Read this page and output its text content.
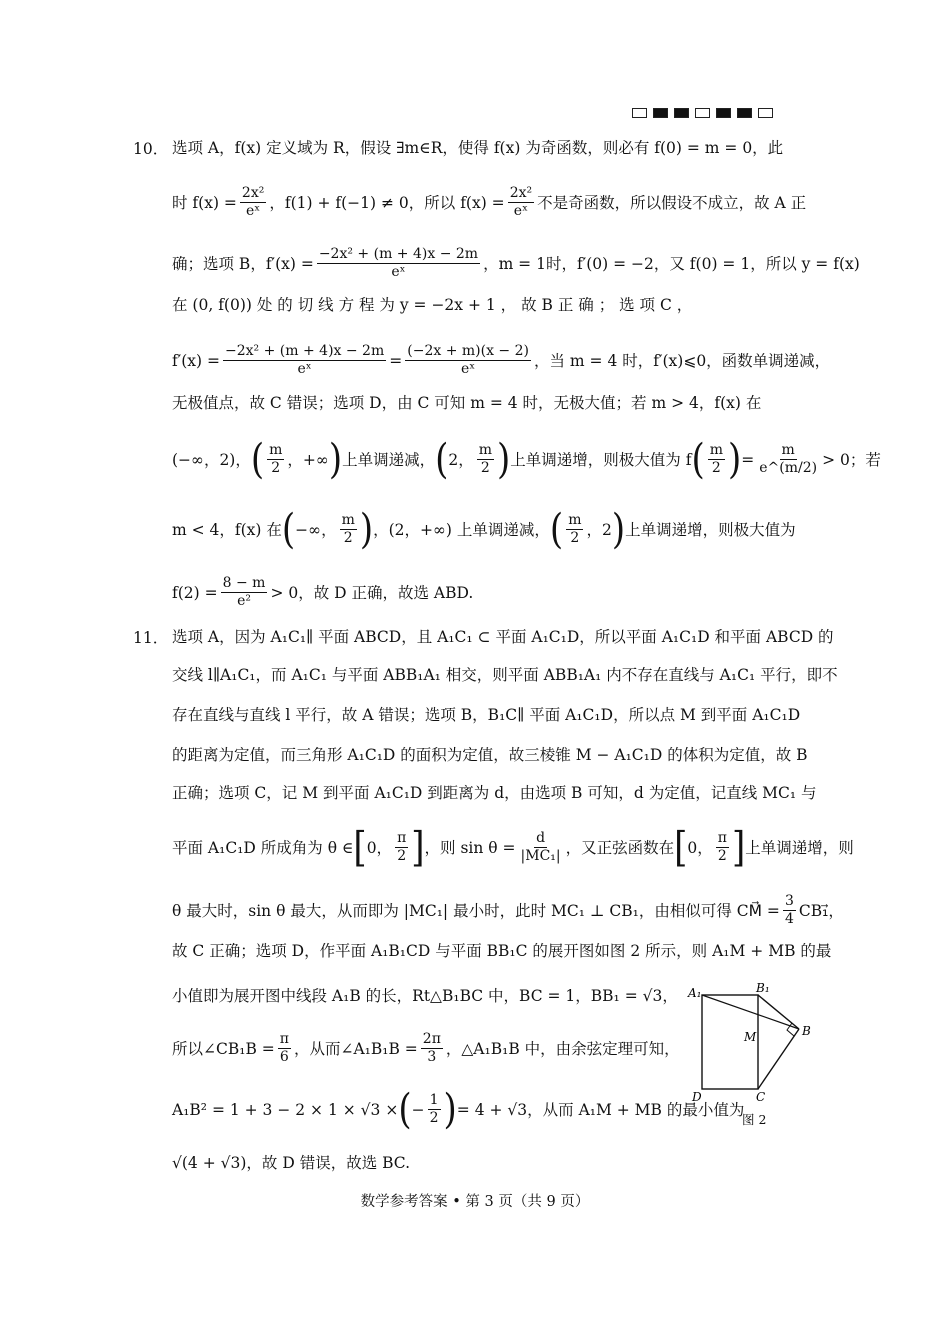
10． 选项 A，f(x) 定义域为 R，假设 ∃m∈R，使得 f(x) 为奇函数，则必有 f(0) = m = 0，此
时 $f(x) = \frac{\text{2x²}}{\text{eˣ}}$ ，f(1) + f(−1) ≠ 0，所以 $f(x) = \frac{\text{2x²}}{\text{eˣ}}$ 不是奇函数，所以假设不成立，故 A 正
确；选项 B，$f'(x) = \frac{\text{−2x² + (m + 4)x − 2m}}{\text{eˣ}}$ ，m = 1时，f′(0) = −2，又 f(0) = 1，所以 y = f(x)
在 (0, f(0)) 处 的 切 线 方 程 为 y = −2x + 1 ， 故 B 正 确 ； 选 项 C ，
$f'(x) = \frac{\text{−2x² + (m + 4)x − 2m}}{\text{eˣ}} = \frac{(-2x + m)(x - 2)}{\text{eˣ}}$ ，当 m = 4 时，f′(x)⩽0，函数单调递减，
无极值点，故 C 错误；选项 D，由 C 可知 m = 4 时，无极大值；若 m > 4，f(x) 在
(−∞，2)， ( $\frac{m}{2}$ ，+∞ ) 上单调递减， ( 2， $\frac{m}{2}$ ) 上单调递增，则极大值为 f ( $\frac{m}{2}$ ) = $\frac{m}{e\^{}(m/2)} > 0$；若
m < 4，f(x) 在 ( −∞， $\frac{m}{2}$ ) ，(2，+∞) 上单调递减， ( $\frac{m}{2}$ ，2 ) 上单调递增，则极大值为
$f(2) = \frac{8 - m}{\text{e²}} > 0$，故 D 正确，故选 ABD.
11． 选项 A，因为 A₁C₁∥ 平面 ABCD，且 A₁C₁ ⊂ 平面 A₁C₁D，所以平面 A₁C₁D 和平面 ABCD 的
交线 l∥A₁C₁，而 A₁C₁ 与平面 ABB₁A₁ 相交，则平面 ABB₁A₁ 内不存在直线与 A₁C₁ 平行，即不
存在直线与直线 l 平行，故 A 错误；选项 B，B₁C∥ 平面 A₁C₁D，所以点 M 到平面 A₁C₁D
的距离为定值，而三角形 A₁C₁D 的面积为定值，故三棱锥 M − A₁C₁D 的体积为定值，故 B
正确；选项 C，记 M 到平面 A₁C₁D 到距离为 d，由选项 B 可知，d 为定值，记直线 MC₁ 与
平面 A₁C₁D 所成角为 θ ∈ [ 0， $\frac{\pi}{2}$ ] ，则 $\sin \theta = \frac{d}{\text{|MC₁|}}$ ，又正弦函数在 [ 0， $\frac{\pi}{2}$ ] 上单调递增，则
θ 最大时，sin θ 最大，从而即为 |MC₁| 最小时，此时 MC₁ ⊥ CB₁，由相似可得 CM⃗ = $\frac{3}{4}$ CB₁⃗，
故 C 正确；选项 D，作平面 A₁B₁CD 与平面 BB₁C 的展开图如图 2 所示，则 A₁M + MB 的最
小值即为展开图中线段 A₁B 的长，Rt△B₁BC 中，BC = 1，BB₁ = √3，
所以∠CB₁B = $\frac{\pi}{6}$ ，从而∠A₁B₁B = $\frac{2\pi}{3}$ ，△A₁B₁B 中，由余弦定理可知，
A₁B² = 1 + 3 − 2 × 1 × √3 × ( − $\frac{1}{2}$ ) = 4 + √3，从而 A₁M + MB 的最小值为
√(4 + √3)，故 D 错误，故选 BC.
A₁	B₁
M	B
C
D
图 2
数学参考答案 • 第 3 页（共 9 页）
